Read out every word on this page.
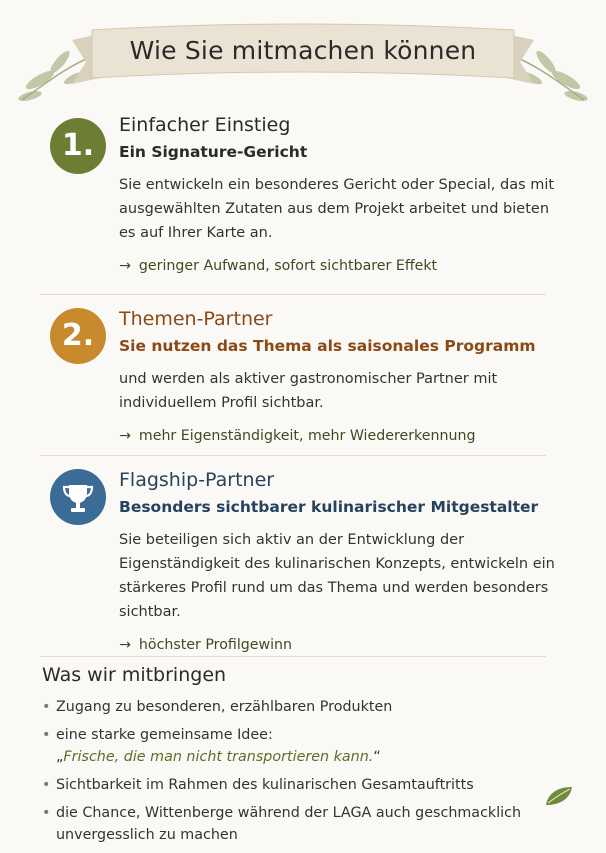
Wie Sie mitmachen können
1.
Einfacher Einstieg
Ein Signature-Gericht
Sie entwickeln ein besonderes Gericht oder Special, das mit ausgewählten Zutaten aus dem Projekt arbeitet und bieten es auf Ihrer Karte an.
→ geringer Aufwand, sofort sichtbarer Effekt
2.	Themen-Partner
Sie nutzen das Thema als saisonales Programm
und werden als aktiver gastronomischer Partner mit individuellem Profil sichtbar.
→ mehr Eigenständigkeit, mehr Wiedererkennung
Flagship-Partner
Besonders sichtbarer kulinarischer Mitgestalter
Sie beteiligen sich aktiv an der Entwicklung der Eigenständigkeit des kulinarischen Konzepts, entwickeln ein stärkeres Profil rund um das Thema und werden besonders sichtbar.
→ höchster Profilgewinn
Was wir mitbringen
• Zugang zu besonderen, erzählbaren Produkten
• eine starke gemeinsame Idee:
„Frische, die man nicht transportieren kann.“
• Sichtbarkeit im Rahmen des kulinarischen Gesamtauftritts
• die Chance, Wittenberge während der LAGA auch geschmacklich unvergesslich zu machen
